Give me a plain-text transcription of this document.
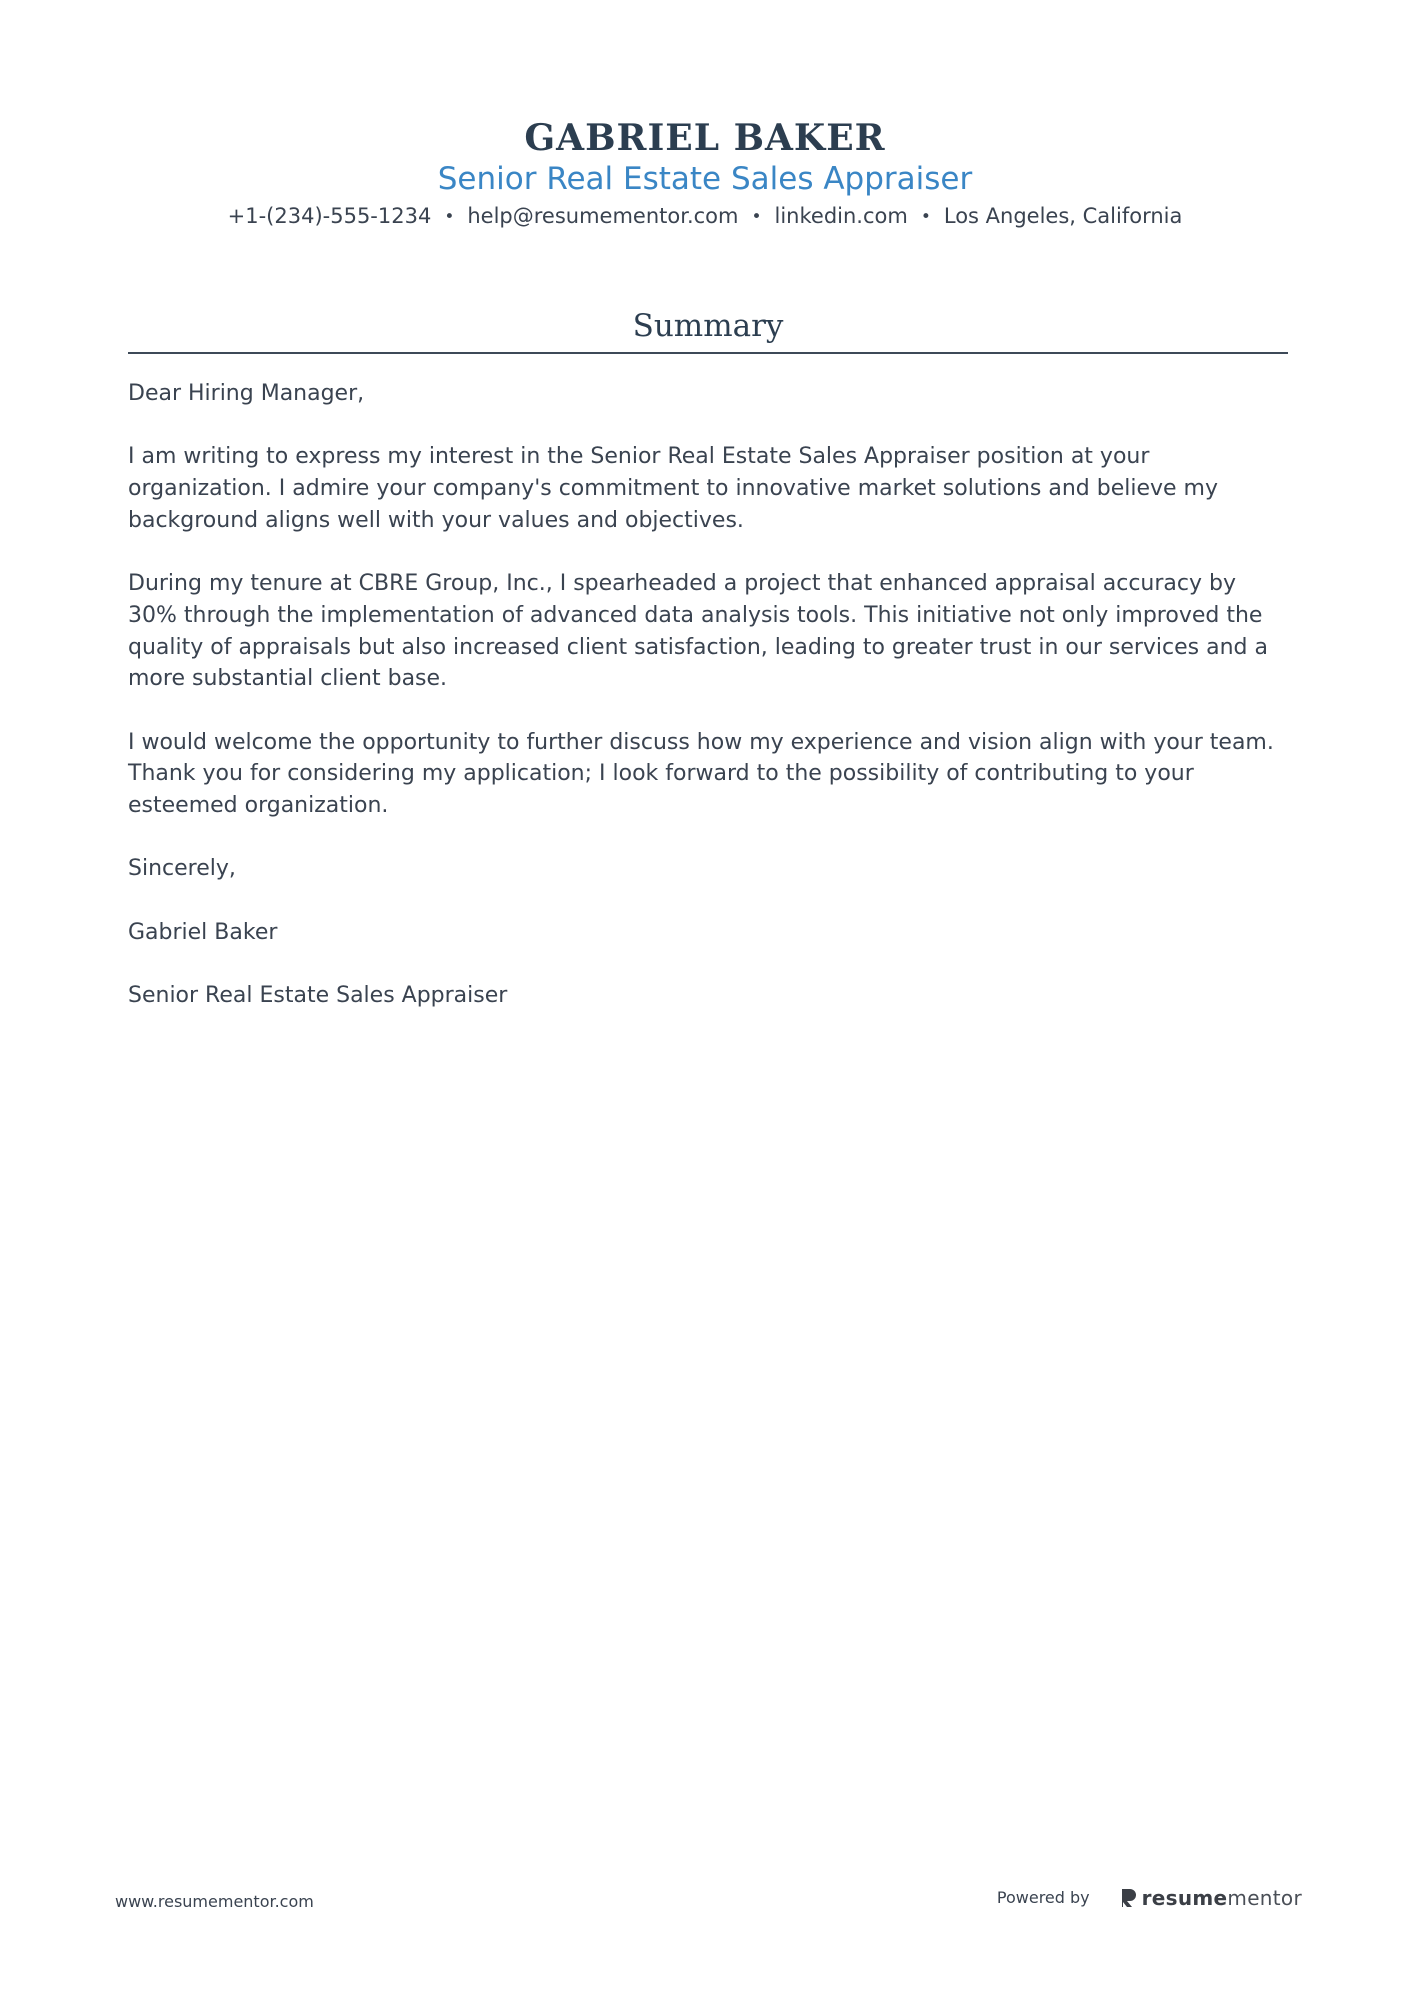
GABRIEL BAKER
Senior Real Estate Sales Appraiser
+1-(234)-555-1234 • help@resumementor.com • linkedin.com • Los Angeles, California
Summary

Dear Hiring Manager,

I am writing to express my interest in the Senior Real Estate Sales Appraiser position at your organization. I admire your company's commitment to innovative market solutions and believe my background aligns well with your values and objectives.

During my tenure at CBRE Group, Inc., I spearheaded a project that enhanced appraisal accuracy by 30% through the implementation of advanced data analysis tools. This initiative not only improved the quality of appraisals but also increased client satisfaction, leading to greater trust in our services and a more substantial client base.

I would welcome the opportunity to further discuss how my experience and vision align with your team. Thank you for considering my application; I look forward to the possibility of contributing to your esteemed organization.

Sincerely,

Gabriel Baker

Senior Real Estate Sales Appraiser

www.resumementor.com	Powered by	resumementor
